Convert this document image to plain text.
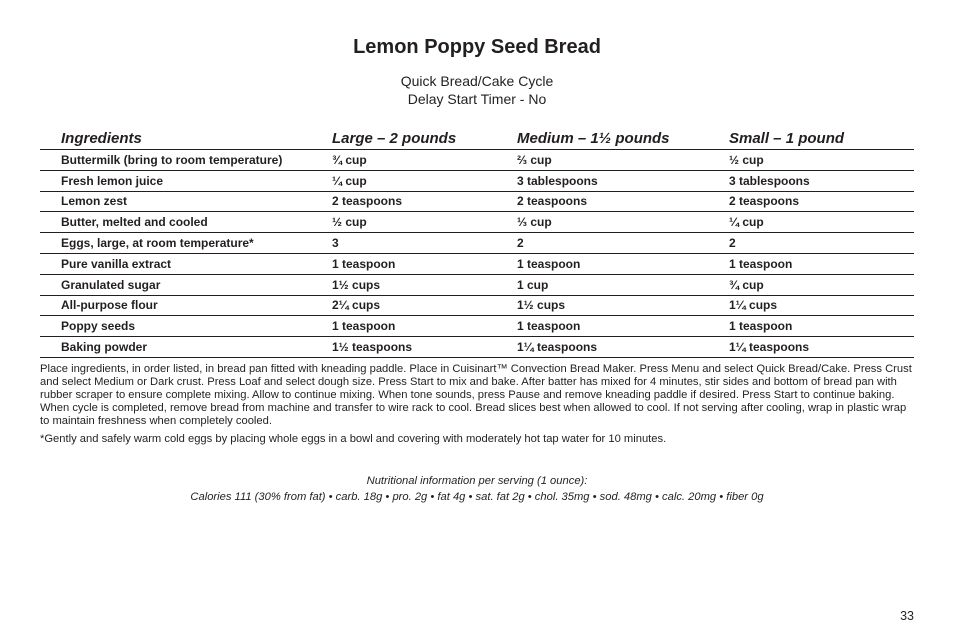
Lemon Poppy Seed Bread
Quick Bread/Cake Cycle
Delay Start Timer - No
Ingredients	Large – 2 pounds	Medium – 1½ pounds	Small – 1 pound
Buttermilk (bring to room temperature)	¾ cup	⅔ cup	½ cup
Fresh lemon juice	¼ cup	3 tablespoons	3 tablespoons
Lemon zest	2 teaspoons	2 teaspoons	2 teaspoons
Butter, melted and cooled	½ cup	⅓ cup	¼ cup
Eggs, large, at room temperature*	3	2	2
Pure vanilla extract	1 teaspoon	1 teaspoon	1 teaspoon
Granulated sugar	1½ cups	1 cup	¾ cup
All-purpose flour	2¼ cups	1½ cups	1¼ cups
Poppy seeds	1 teaspoon	1 teaspoon	1 teaspoon
Baking powder	1½ teaspoons	1¼ teaspoons	1¼ teaspoons

Place ingredients, in order listed, in bread pan fitted with kneading paddle. Place in Cuisinart™ Convection Bread Maker. Press Menu and select Quick Bread/Cake. Press Crust and select Medium or Dark crust. Press Loaf and select dough size. Press Start to mix and bake. After batter has mixed for 4 minutes, stir sides and bottom of bread pan with rubber scraper to ensure complete mixing. Allow to continue mixing. When tone sounds, press Pause and remove kneading paddle if desired. Press Start to continue baking. When cycle is completed, remove bread from machine and transfer to wire rack to cool. Bread slices best when allowed to cool. If not serving after cooling, wrap in plastic wrap to maintain freshness when completely cooled.

*Gently and safely warm cold eggs by placing whole eggs in a bowl and covering with moderately hot tap water for 10 minutes.
Nutritional information per serving (1 ounce):
Calories 111 (30% from fat) • carb. 18g • pro. 2g • fat 4g • sat. fat 2g • chol. 35mg • sod. 48mg • calc. 20mg • fiber 0g
33
